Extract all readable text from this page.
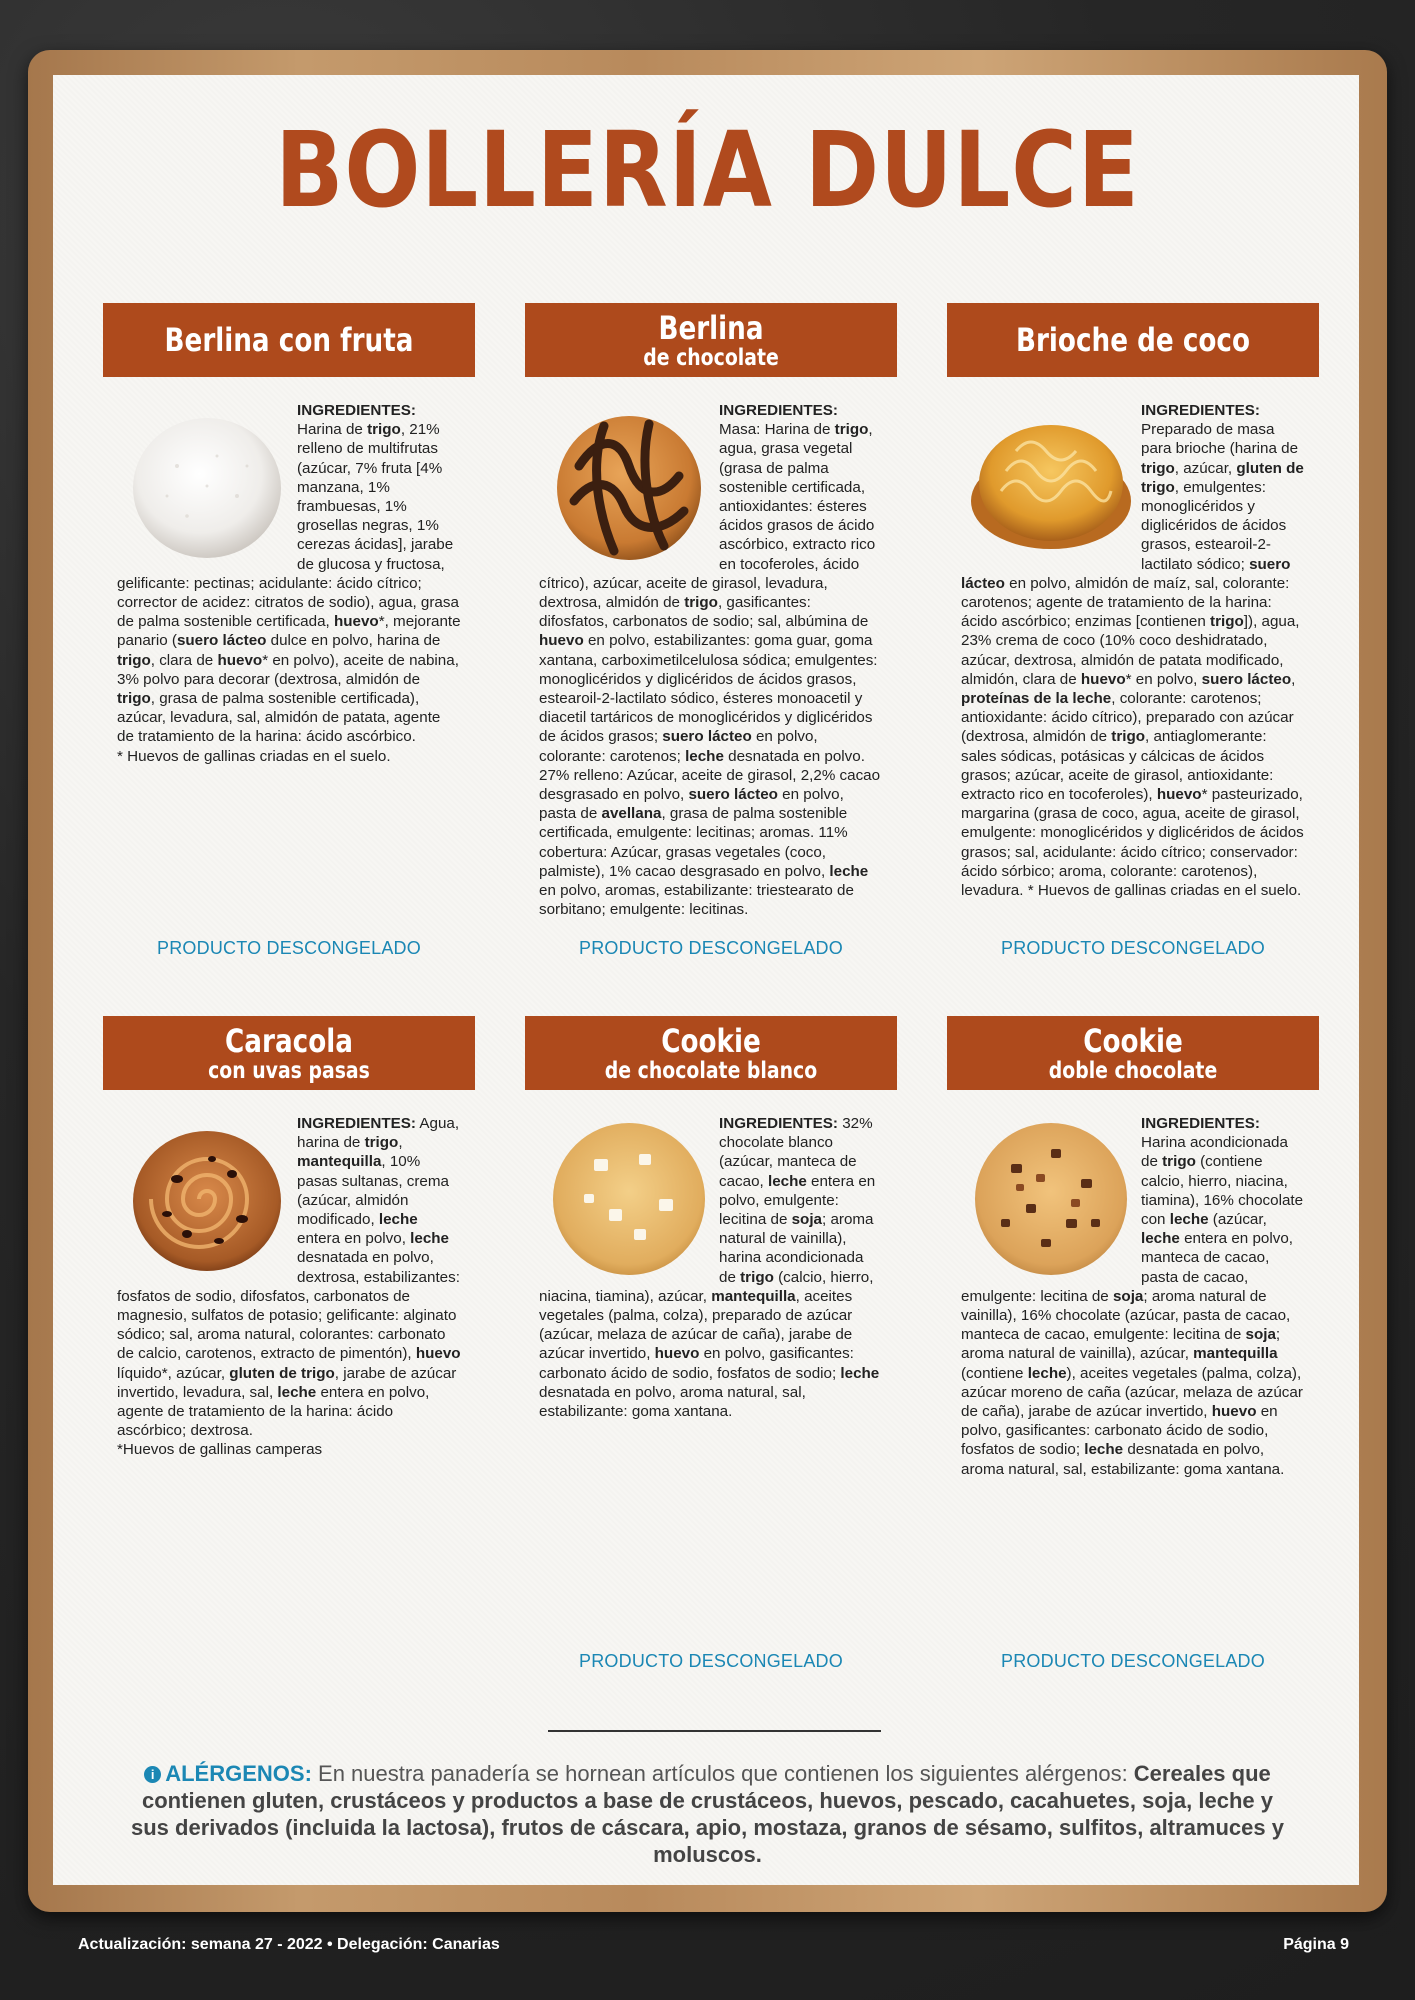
BOLLERÍA DULCE
Berlina con fruta
INGREDIENTES: Harina de trigo, 21% relleno de multifrutas (azúcar, 7% fruta [4% manzana, 1% frambuesas, 1% grosellas negras, 1% cerezas ácidas], jarabe de glucosa y fructosa, gelificante: pectinas; acidulante: ácido cítrico; corrector de acidez: citratos de sodio), agua, grasa de palma sostenible certificada, huevo*, mejorante panario (suero lácteo dulce en polvo, harina de trigo, clara de huevo* en polvo), aceite de nabina, 3% polvo para decorar (dextrosa, almidón de trigo, grasa de palma sostenible certificada), azúcar, levadura, sal, almidón de patata, agente de tratamiento de la harina: ácido ascórbico.
* Huevos de gallinas criadas en el suelo.
Berlina
de chocolate
INGREDIENTES: Masa: Harina de trigo, agua, grasa vegetal (grasa de palma sostenible certificada, antioxidantes: ésteres ácidos grasos de ácido ascórbico, extracto rico en tocoferoles, ácido cítrico), azúcar, aceite de girasol, levadura, dextrosa, almidón de trigo, gasificantes: difosfatos, carbonatos de sodio; sal, albúmina de huevo en polvo, estabilizantes: goma guar, goma xantana, carboximetilcelulosa sódica; emulgentes: monoglicéridos y diglicéridos de ácidos grasos, estearoil-2-lactilato sódico, ésteres monoacetil y diacetil tartáricos de monoglicéridos y diglicéridos de ácidos grasos; suero lácteo en polvo, colorante: carotenos; leche desnatada en polvo. 27% relleno: Azúcar, aceite de girasol, 2,2% cacao desgrasado en polvo, suero lácteo en polvo, pasta de avellana, grasa de palma sostenible certificada, emulgente: lecitinas; aromas. 11% cobertura: Azúcar, grasas vegetales (coco, palmiste), 1% cacao desgrasado en polvo, leche en polvo, aromas, estabilizante: triestearato de sorbitano; emulgente: lecitinas.
Brioche de coco
INGREDIENTES: Preparado de masa para brioche (harina de trigo, azúcar, gluten de trigo, emulgentes: monoglicéridos y diglicéridos de ácidos grasos, estearoil-2-lactilato sódico; suero lácteo en polvo, almidón de maíz, sal, colorante: carotenos; agente de tratamiento de la harina: ácido ascórbico; enzimas [contienen trigo]), agua, 23% crema de coco (10% coco deshidratado, azúcar, dextrosa, almidón de patata modificado, almidón, clara de huevo* en polvo, suero lácteo, proteínas de la leche, colorante: carotenos; antioxidante: ácido cítrico), preparado con azúcar (dextrosa, almidón de trigo, antiaglomerante: sales sódicas, potásicas y cálcicas de ácidos grasos; azúcar, aceite de girasol, antioxidante: extracto rico en tocoferoles), huevo* pasteurizado, margarina (grasa de coco, agua, aceite de girasol, emulgente: monoglicéridos y diglicéridos de ácidos grasos; sal, acidulante: ácido cítrico; conservador: ácido sórbico; aroma, colorante: carotenos), levadura. * Huevos de gallinas criadas en el suelo.
Caracola
con uvas pasas
INGREDIENTES: Agua, harina de trigo, mantequilla, 10% pasas sultanas, crema (azúcar, almidón modificado, leche entera en polvo, leche desnatada en polvo, dextrosa, estabilizantes: fosfatos de sodio, difosfatos, carbonatos de magnesio, sulfatos de potasio; gelificante: alginato sódico; sal, aroma natural, colorantes: carbonato de calcio, carotenos, extracto de pimentón), huevo líquido*, azúcar, gluten de trigo, jarabe de azúcar invertido, levadura, sal, leche entera en polvo, agente de tratamiento de la harina: ácido ascórbico; dextrosa.
*Huevos de gallinas camperas
Cookie
de chocolate blanco
INGREDIENTES: 32% chocolate blanco (azúcar, manteca de cacao, leche entera en polvo, emulgente: lecitina de soja; aroma natural de vainilla), harina acondicionada de trigo (calcio, hierro, niacina, tiamina), azúcar, mantequilla, aceites vegetales (palma, colza), preparado de azúcar (azúcar, melaza de azúcar de caña), jarabe de azúcar invertido, huevo en polvo, gasificantes: carbonato ácido de sodio, fosfatos de sodio; leche desnatada en polvo, aroma natural, sal, estabilizante: goma xantana.
Cookie
doble chocolate
INGREDIENTES: Harina acondicionada de trigo (contiene calcio, hierro, niacina, tiamina), 16% chocolate con leche (azúcar, leche entera en polvo, manteca de cacao, pasta de cacao, emulgente: lecitina de soja; aroma natural de vainilla), 16% chocolate (azúcar, pasta de cacao, manteca de cacao, emulgente: lecitina de soja; aroma natural de vainilla), azúcar, mantequilla (contiene leche), aceites vegetales (palma, colza), azúcar moreno de caña (azúcar, melaza de azúcar de caña), jarabe de azúcar invertido, huevo en polvo, gasificantes: carbonato ácido de sodio, fosfatos de sodio; leche desnatada en polvo, aroma natural, sal, estabilizante: goma xantana.
PRODUCTO DESCONGELADO	PRODUCTO DESCONGELADO	PRODUCTO DESCONGELADO
PRODUCTO DESCONGELADO	PRODUCTO DESCONGELADO
i ALÉRGENOS: En nuestra panadería se hornean artículos que contienen los siguientes alérgenos: Cereales que contienen gluten, crustáceos y productos a base de crustáceos, huevos, pescado, cacahuetes, soja, leche y sus derivados (incluida la lactosa), frutos de cáscara, apio, mostaza, granos de sésamo, sulfitos, altramuces y moluscos.
Actualización: semana 27 - 2022 • Delegación: Canarias	Página 9
